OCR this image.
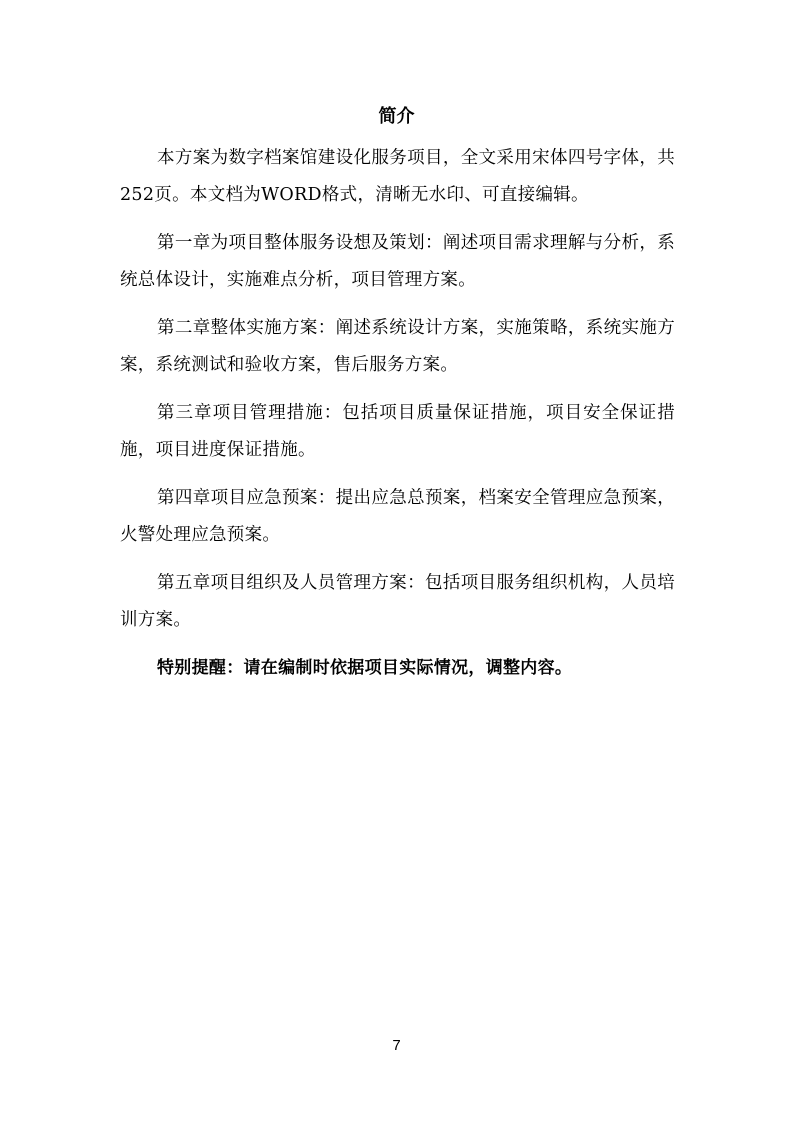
简介

本方案为数字档案馆建设化服务项目，全文采用宋体四号字体，共252页。本文档为WORD格式，清晰无水印、可直接编辑。

第一章为项目整体服务设想及策划：阐述项目需求理解与分析，系统总体设计，实施难点分析，项目管理方案。

第二章整体实施方案：阐述系统设计方案，实施策略，系统实施方案，系统测试和验收方案，售后服务方案。

第三章项目管理措施：包括项目质量保证措施，项目安全保证措施，项目进度保证措施。

第四章项目应急预案：提出应急总预案，档案安全管理应急预案，火警处理应急预案。

第五章项目组织及人员管理方案：包括项目服务组织机构，人员培训方案。

特别提醒：请在编制时依据项目实际情况，调整内容。

7
